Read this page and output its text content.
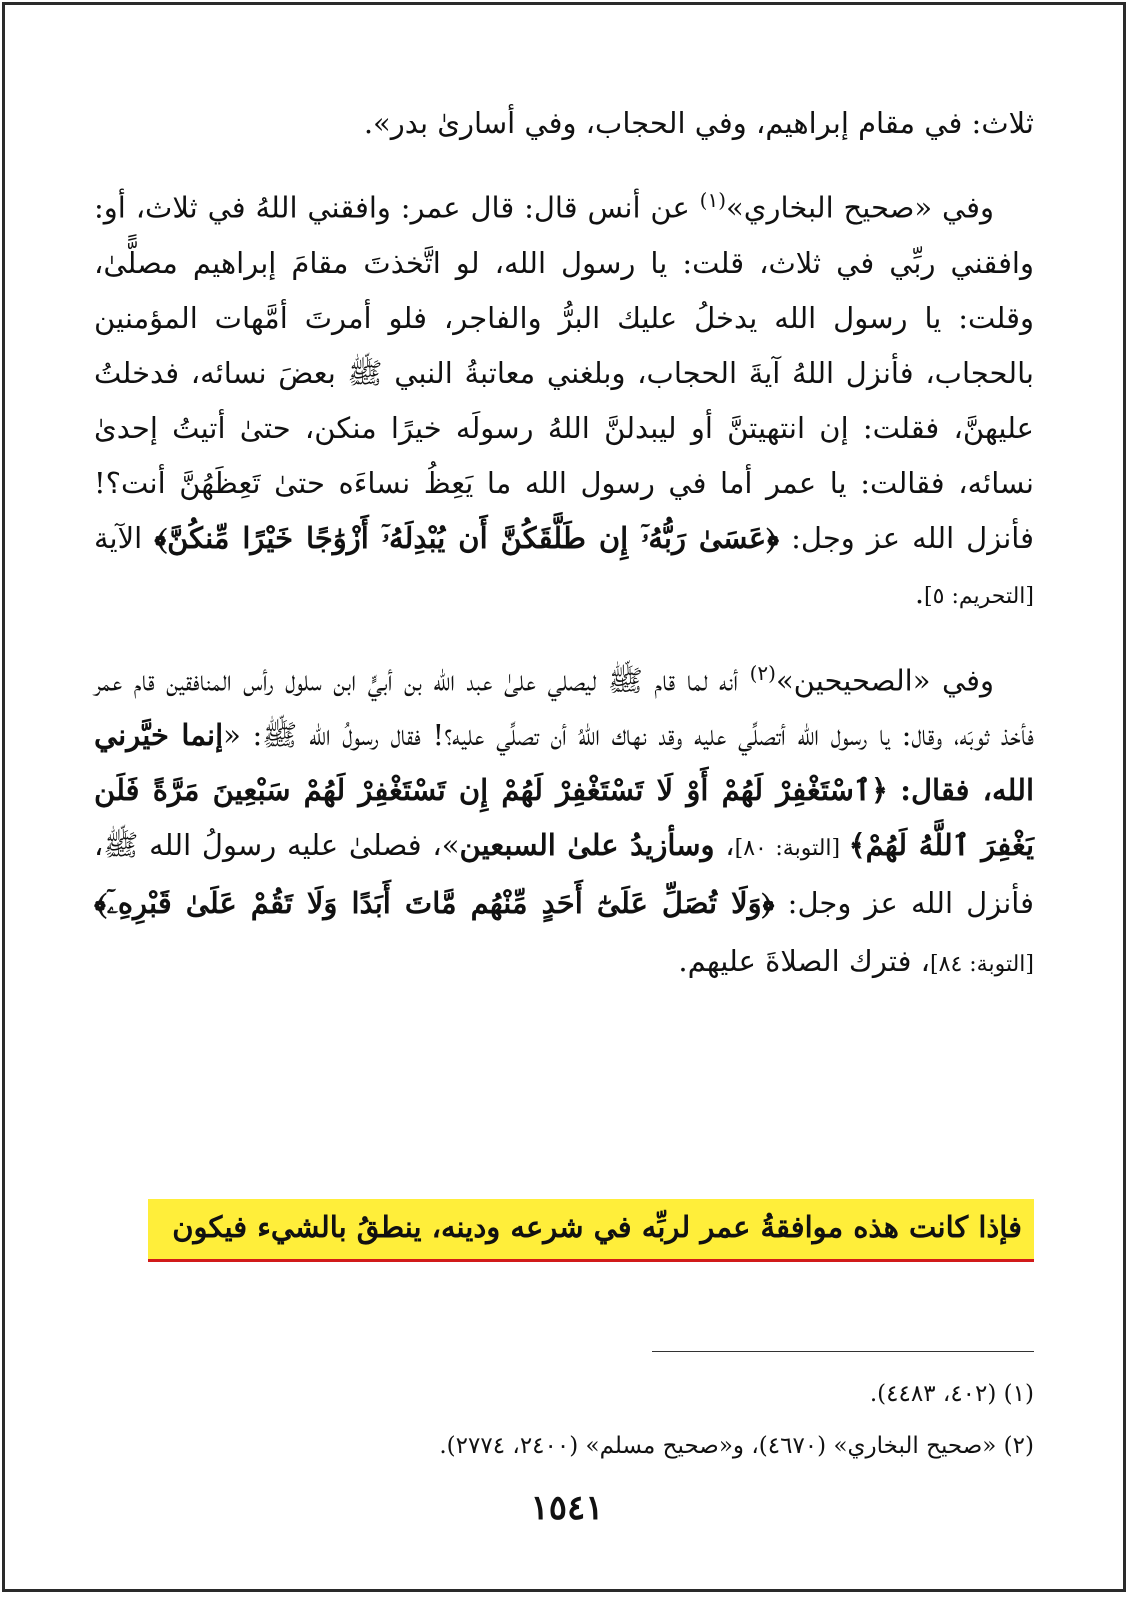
ثلاث: في مقام إبراهيم، وفي الحجاب، وفي أسارىٰ بدر».

وفي «صحيح البخاري»$^{(١)}$ عن أنس قال: قال عمر: وافقني اللهُ في ثلاث، أو: وافقني ربِّي في ثلاث، قلت: يا رسول الله، لو اتَّخذتَ مقامَ إبراهيم مصلًّىٰ، وقلت: يا رسول الله يدخلُ عليك البرُّ والفاجر، فلو أمرتَ أمَّهات المؤمنين بالحجاب، فأنزل اللهُ آيةَ الحجاب، وبلغني معاتبةُ النبي ﷺ بعضَ نسائه، فدخلتُ عليهنَّ، فقلت: إن انتهيتنَّ أو ليبدلنَّ اللهُ رسولَه خيرًا منكن، حتىٰ أتيتُ إحدىٰ نسائه، فقالت: يا عمر أما في رسول الله ما يَعِظُ نساءَه حتىٰ تَعِظَهُنَّ أنت؟! فأنزل الله عز وجل: ﴿عَسَىٰ رَبُّهُۥٓ إِن طَلَّقَكُنَّ أَن يُبْدِلَهُۥٓ أَزْوَٰجًا خَيْرًا مِّنكُنَّ﴾ الآية [التحريم: ٥].

وفي «الصحيحين»$^{(٢)}$ أنه لما قام ﷺ ليصلي علىٰ عبد الله بن أبيٍّ ابن سلول رأس المنافقين قام عمر فأخذ ثوبَه، وقال: يا رسول الله أتصلِّي عليه وقد نهاك اللهُ أن تصلِّي عليه؟! فقال رسولُ الله ﷺ: «إنما خيَّرني الله، فقال: ﴿ٱسْتَغْفِرْ لَهُمْ أَوْ لَا تَسْتَغْفِرْ لَهُمْ إِن تَسْتَغْفِرْ لَهُمْ سَبْعِينَ مَرَّةً فَلَن يَغْفِرَ ٱللَّهُ لَهُمْ﴾ [التوبة: ٨٠]، وسأزيدُ علىٰ السبعين»، فصلىٰ عليه رسولُ الله ﷺ، فأنزل الله عز وجل: ﴿وَلَا تُصَلِّ عَلَىٰٓ أَحَدٍ مِّنْهُم مَّاتَ أَبَدًا وَلَا تَقُمْ عَلَىٰ قَبْرِهِۦٓ﴾ [التوبة: ٨٤]، فترك الصلاةَ عليهم.

فإذا كانت هذه موافقةُ عمر لربِّه في شرعه ودينه، ينطقُ بالشيء فيكون

(١) (٤٠٢، ٤٤٨٣).

(٢) «صحيح البخاري» (٤٦٧٠)، و«صحيح مسلم» (٢٤٠٠، ٢٧٧٤).

١٥٤١
